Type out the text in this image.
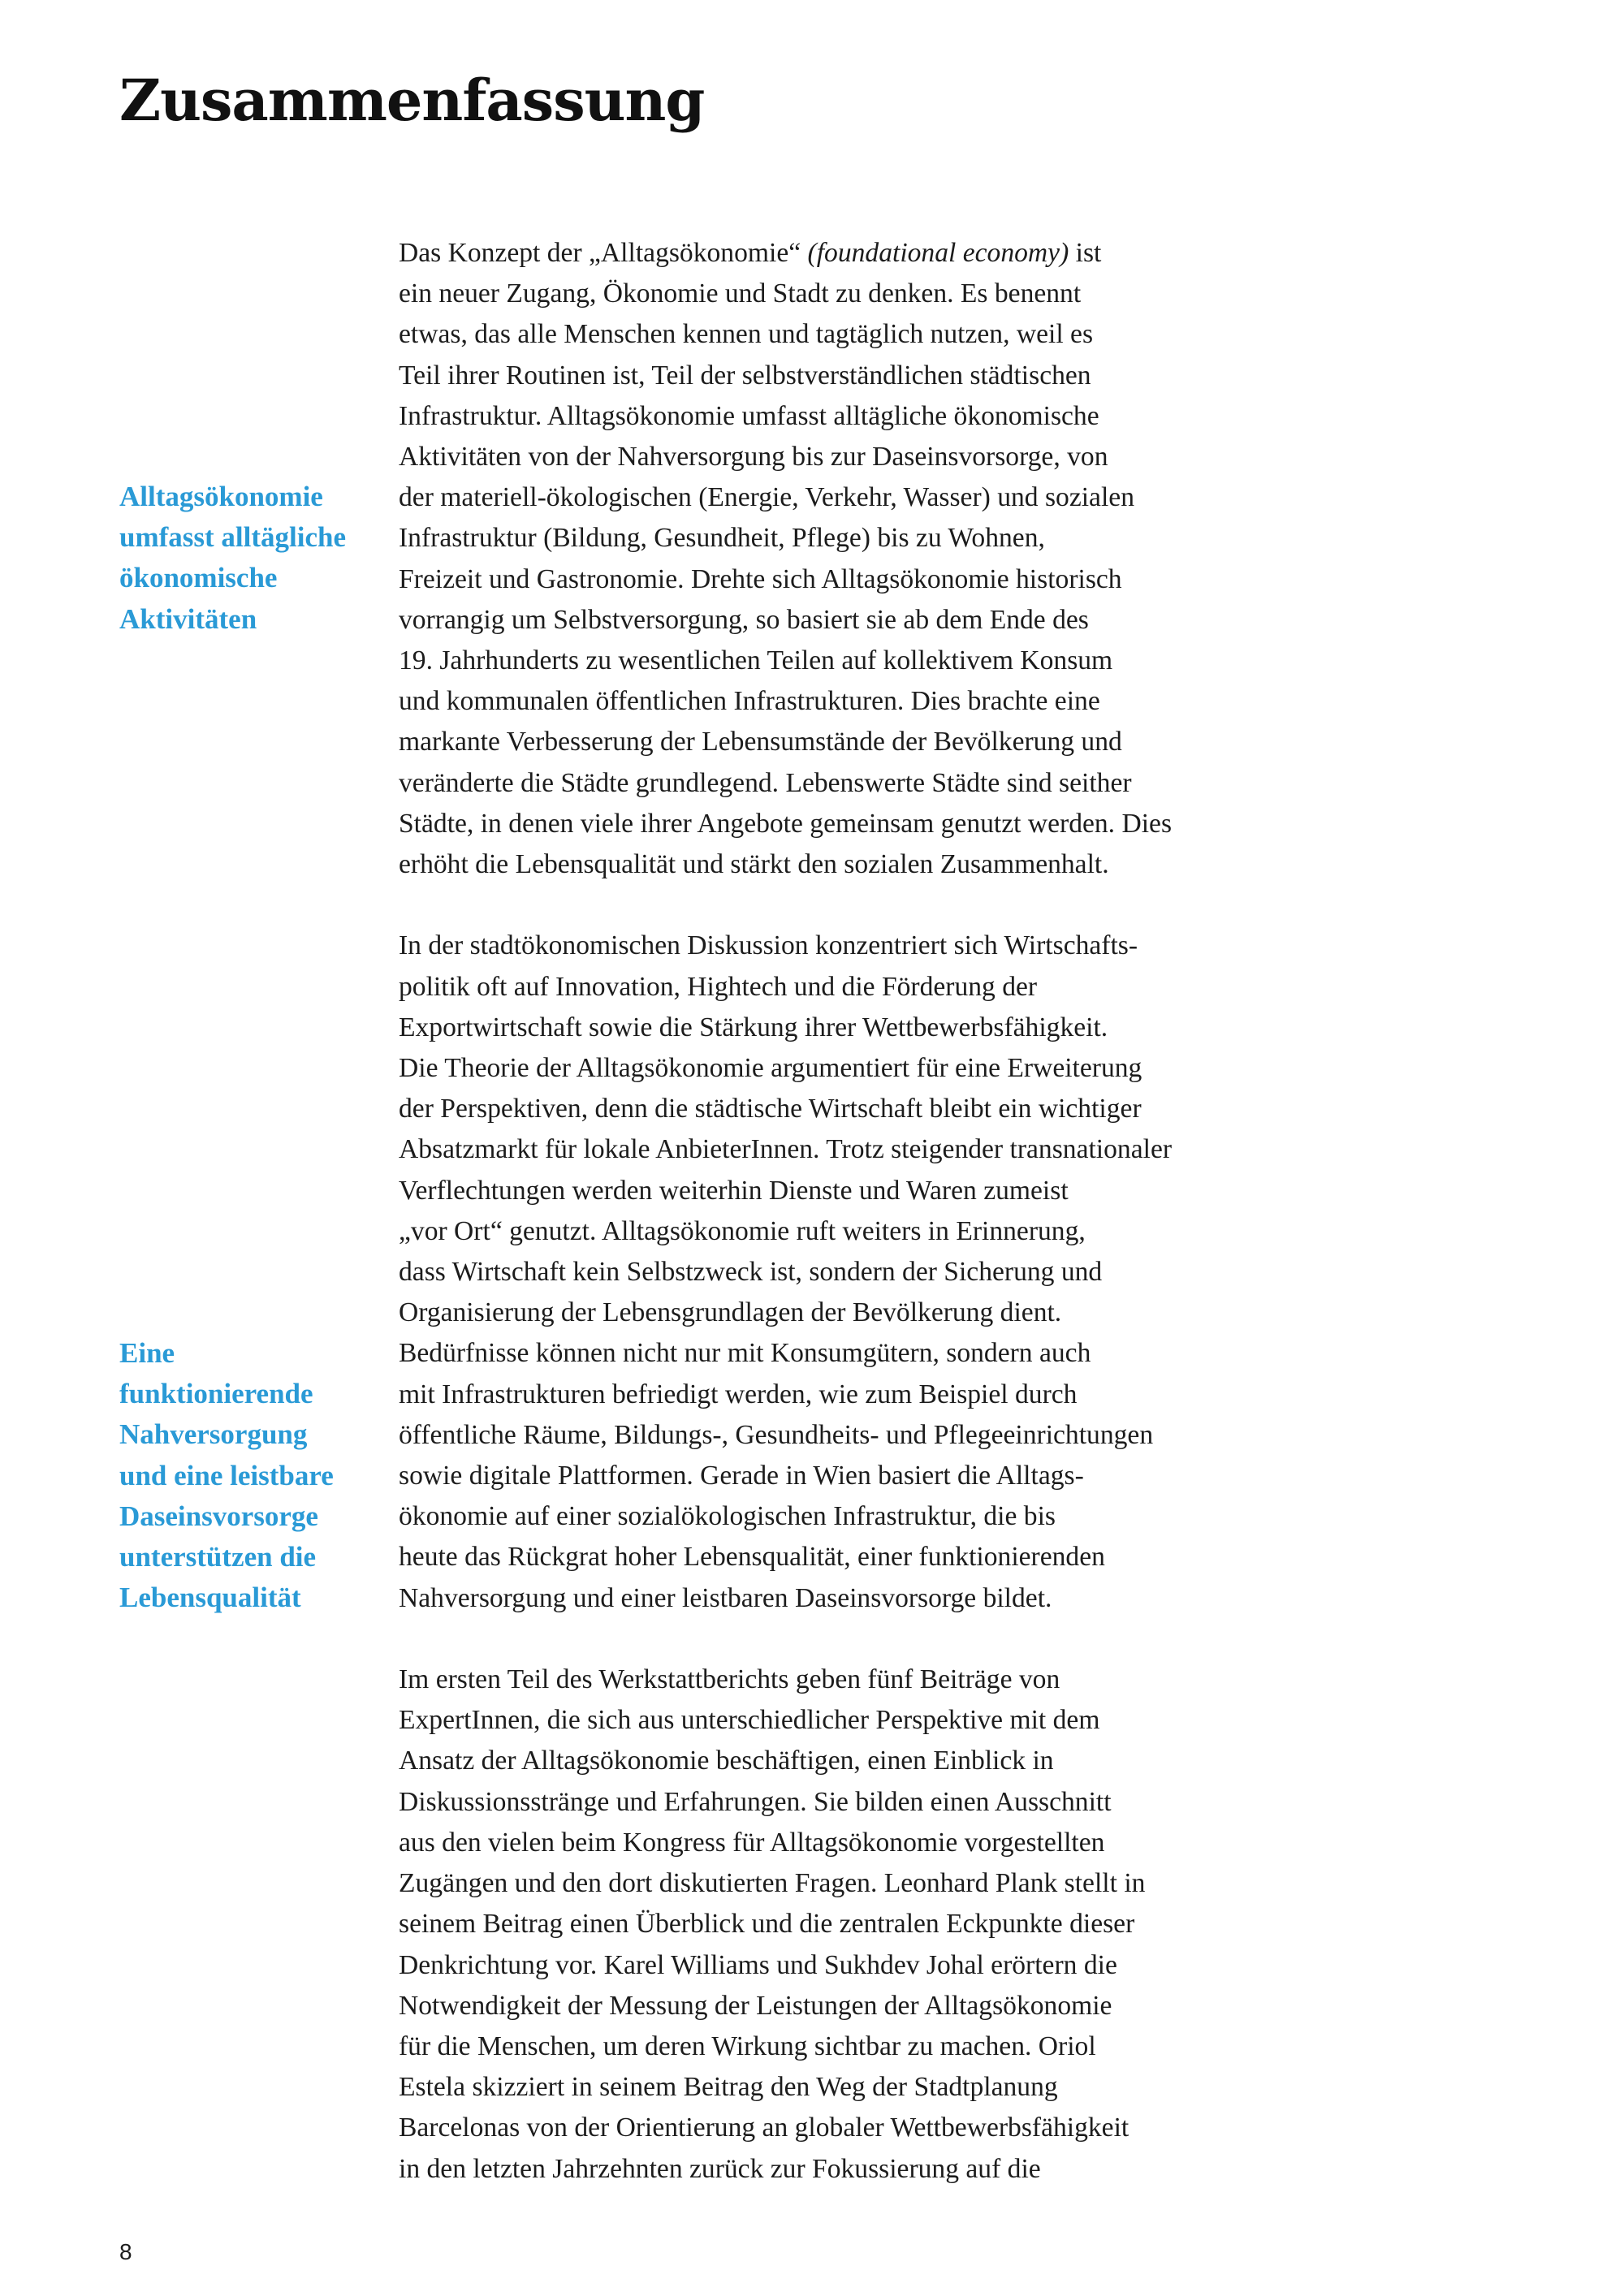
Zusammenfassung
Alltagsökonomie
umfasst alltägliche
ökonomische
Aktivitäten
Eine
funktionierende
Nahversorgung
und eine leistbare
Daseinsvorsorge
unterstützen die
Lebensqualität

Das Konzept der „Alltagsökonomie“ (foundational economy) ist
ein neuer Zugang, Ökonomie und Stadt zu denken. Es benennt
etwas, das alle Menschen kennen und tagtäglich nutzen, weil es
Teil ihrer Routinen ist, Teil der selbstverständlichen städtischen
Infrastruktur. Alltagsökonomie umfasst alltägliche ökonomische
Aktivitäten von der Nahversorgung bis zur Daseinsvorsorge, von
der materiell-ökologischen (Energie, Verkehr, Wasser) und sozialen
Infrastruktur (Bildung, Gesundheit, Pflege) bis zu Wohnen,
Freizeit und Gastronomie. Drehte sich Alltagsökonomie historisch
vorrangig um Selbstversorgung, so basiert sie ab dem Ende des
19. Jahrhunderts zu wesentlichen Teilen auf kollektivem Konsum
und kommunalen öffentlichen Infrastrukturen. Dies brachte eine
markante Verbesserung der Lebensumstände der Bevölkerung und
veränderte die Städte grundlegend. Lebenswerte Städte sind seither
Städte, in denen viele ihrer Angebote gemeinsam genutzt werden. Dies
erhöht die Lebensqualität und stärkt den sozialen Zusammenhalt.

In der stadtökonomischen Diskussion konzentriert sich Wirtschafts-
politik oft auf Innovation, Hightech und die Förderung der
Exportwirtschaft sowie die Stärkung ihrer Wettbewerbsfähigkeit.
Die Theorie der Alltagsökonomie argumentiert für eine Erweiterung
der Perspektiven, denn die städtische Wirtschaft bleibt ein wichtiger
Absatzmarkt für lokale AnbieterInnen. Trotz steigender transnationaler
Verflechtungen werden weiterhin Dienste und Waren zumeist
„vor Ort“ genutzt. Alltagsökonomie ruft weiters in Erinnerung,
dass Wirtschaft kein Selbstzweck ist, sondern der Sicherung und
Organisierung der Lebensgrundlagen der Bevölkerung dient.
Bedürfnisse können nicht nur mit Konsumgütern, sondern auch
mit Infrastrukturen befriedigt werden, wie zum Beispiel durch
öffentliche Räume, Bildungs-, Gesundheits- und Pflegeeinrichtungen
sowie digitale Plattformen. Gerade in Wien basiert die Alltags-
ökonomie auf einer sozialökologischen Infrastruktur, die bis
heute das Rückgrat hoher Lebensqualität, einer funktionierenden
Nahversorgung und einer leistbaren Daseinsvorsorge bildet.

Im ersten Teil des Werkstattberichts geben fünf Beiträge von
ExpertInnen, die sich aus unterschiedlicher Perspektive mit dem
Ansatz der Alltagsökonomie beschäftigen, einen Einblick in
Diskussionsstränge und Erfahrungen. Sie bilden einen Ausschnitt
aus den vielen beim Kongress für Alltagsökonomie vorgestellten
Zugängen und den dort diskutierten Fragen. Leonhard Plank stellt in
seinem Beitrag einen Überblick und die zentralen Eckpunkte dieser
Denkrichtung vor. Karel Williams und Sukhdev Johal erörtern die
Notwendigkeit der Messung der Leistungen der Alltagsökonomie
für die Menschen, um deren Wirkung sichtbar zu machen. Oriol
Estela skizziert in seinem Beitrag den Weg der Stadtplanung
Barcelonas von der Orientierung an globaler Wettbewerbsfähigkeit
in den letzten Jahrzehnten zurück zur Fokussierung auf die

8
